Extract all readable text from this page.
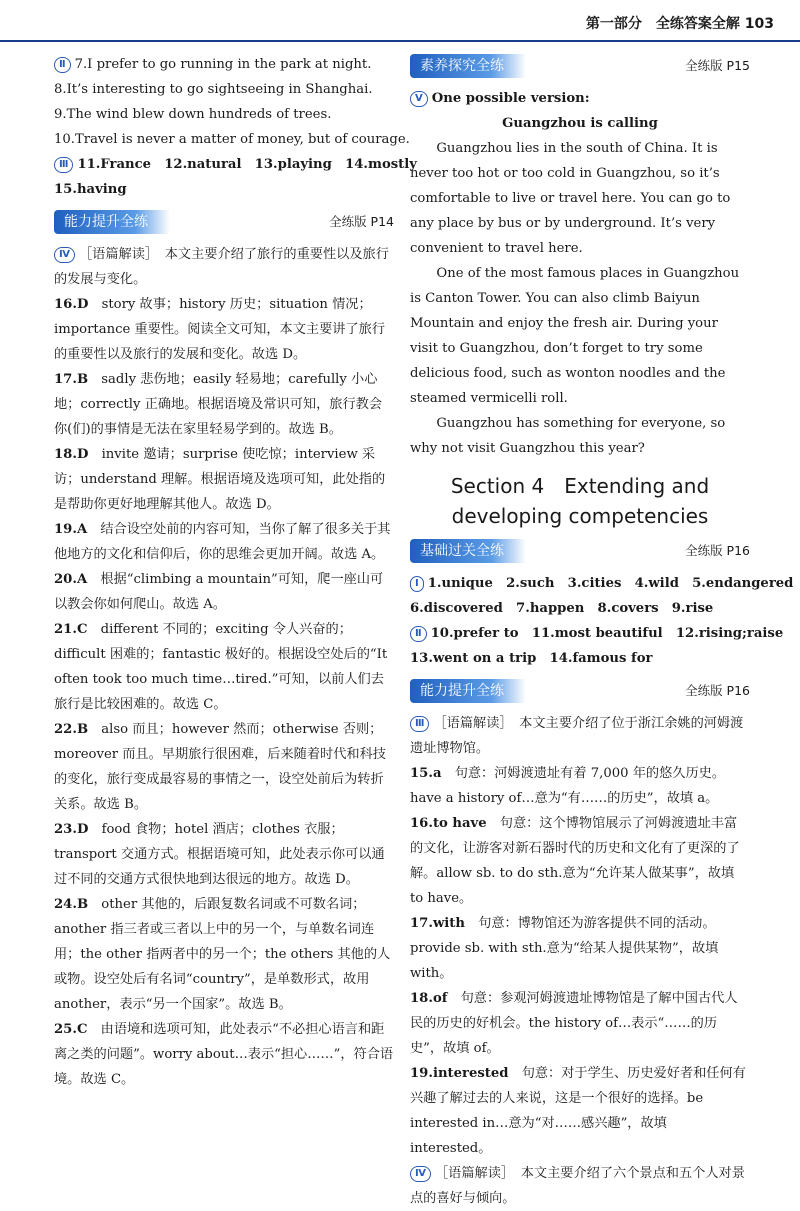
第一部分　全练答案全解 103
Ⅱ 7.I prefer to go running in the park at night.
8.It’s interesting to go sightseeing in Shanghai.
9.The wind blew down hundreds of trees.
10.Travel is never a matter of money, but of courage.
Ⅲ 11.France　12.natural　13.playing　14.mostly
15.having
能力提升全练	全练版 P14
Ⅳ ［语篇解读］　本文主要介绍了旅行的重要性以及旅行的发展与变化。
16.D　 story 故事；history 历史；situation 情况；importance 重要性。阅读全文可知，本文主要讲了旅行的重要性以及旅行的发展和变化。故选 D。
17.B　 sadly 悲伤地；easily 轻易地；carefully 小心地；correctly 正确地。根据语境及常识可知，旅行教会你(们)的事情是无法在家里轻易学到的。故选 B。
18.D　 invite 邀请；surprise 使吃惊；interview 采访；understand 理解。根据语境及选项可知，此处指的是帮助你更好地理解其他人。故选 D。
19.A　 结合设空处前的内容可知，当你了解了很多关于其他地方的文化和信仰后，你的思维会更加开阔。故选 A。
20.A　 根据“climbing a mountain”可知，爬一座山可以教会你如何爬山。故选 A。
21.C　 different 不同的；exciting 令人兴奋的；difficult 困难的；fantastic 极好的。根据设空处后的“It often took too much time…tired.”可知，以前人们去旅行是比较困难的。故选 C。
22.B　 also 而且；however 然而；otherwise 否则；moreover 而且。早期旅行很困难，后来随着时代和科技的变化，旅行变成最容易的事情之一，设空处前后为转折关系。故选 B。
23.D　 food 食物；hotel 酒店；clothes 衣服；transport 交通方式。根据语境可知，此处表示你可以通过不同的交通方式很快地到达很远的地方。故选 D。
24.B　 other 其他的，后跟复数名词或不可数名词；another 指三者或三者以上中的另一个，与单数名词连用；the other 指两者中的另一个；the others 其他的人或物。设空处后有名词“country”，是单数形式，故用 another，表示“另一个国家”。故选 B。
25.C　 由语境和选项可知，此处表示“不必担心语言和距离之类的问题”。worry about…表示“担心……”，符合语境。故选 C。
素养探究全练	全练版 P15
Ⅴ One possible version:
Guangzhou is calling
Guangzhou lies in the south of China. It is never too hot or too cold in Guangzhou, so it’s comfortable to live or travel here. You can go to any place by bus or by underground. It’s very convenient to travel here.
One of the most famous places in Guangzhou is Canton Tower. You can also climb Baiyun Mountain and enjoy the fresh air. During your visit to Guangzhou, don’t forget to try some delicious food, such as wonton noodles and the steamed vermicelli roll.
Guangzhou has something for everyone, so why not visit Guangzhou this year?
Section 4　Extending and
developing competencies
基础过关全练	全练版 P16
Ⅰ 1.unique　2.such　3.cities　4.wild　5.endangered
6.discovered　7.happen　8.covers　9.rise
Ⅱ 10.prefer to　11.most beautiful　12.rising;raise
13.went on a trip　14.famous for
能力提升全练	全练版 P16
Ⅲ ［语篇解读］　本文主要介绍了位于浙江余姚的河姆渡遗址博物馆。
15.a　 句意：河姆渡遗址有着 7,000 年的悠久历史。have a history of…意为“有……的历史”，故填 a。
16.to have　 句意：这个博物馆展示了河姆渡遗址丰富的文化，让游客对新石器时代的历史和文化有了更深的了解。allow sb. to do sth.意为“允许某人做某事”，故填 to have。
17.with　 句意：博物馆还为游客提供不同的活动。provide sb. with sth.意为“给某人提供某物”，故填 with。
18.of　 句意：参观河姆渡遗址博物馆是了解中国古代人民的历史的好机会。the history of…表示“……的历史”，故填 of。
19.interested　 句意：对于学生、历史爱好者和任何有兴趣了解过去的人来说，这是一个很好的选择。be interested in…意为“对……感兴趣”，故填 interested。
Ⅳ ［语篇解读］　本文主要介绍了六个景点和五个人对景点的喜好与倾向。
